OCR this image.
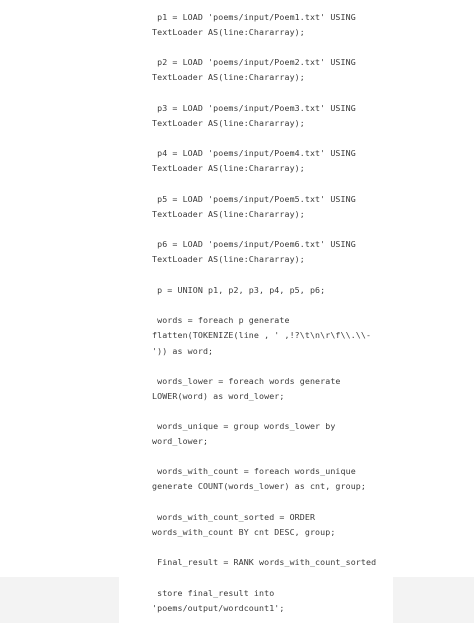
p1 = LOAD 'poems/input/Poem1.txt' USING

TextLoader AS(line:Chararray);

p2 = LOAD 'poems/input/Poem2.txt' USING

TextLoader AS(line:Chararray);

p3 = LOAD 'poems/input/Poem3.txt' USING

TextLoader AS(line:Chararray);

p4 = LOAD 'poems/input/Poem4.txt' USING

TextLoader AS(line:Chararray);

p5 = LOAD 'poems/input/Poem5.txt' USING

TextLoader AS(line:Chararray);

p6 = LOAD 'poems/input/Poem6.txt' USING

TextLoader AS(line:Chararray);

p = UNION p1, p2, p3, p4, p5, p6;

words = foreach p generate

flatten(TOKENIZE(line , ' ,!?\t\n\r\f\\.\\-

')) as word;

words_lower = foreach words generate

LOWER(word) as word_lower;

words_unique = group words_lower by

word_lower;

words_with_count = foreach words_unique

generate COUNT(words_lower) as cnt, group;

words_with_count_sorted = ORDER

words_with_count BY cnt DESC, group;

Final_result = RANK words_with_count_sorted

store final_result into

'poems/output/wordcount1';
